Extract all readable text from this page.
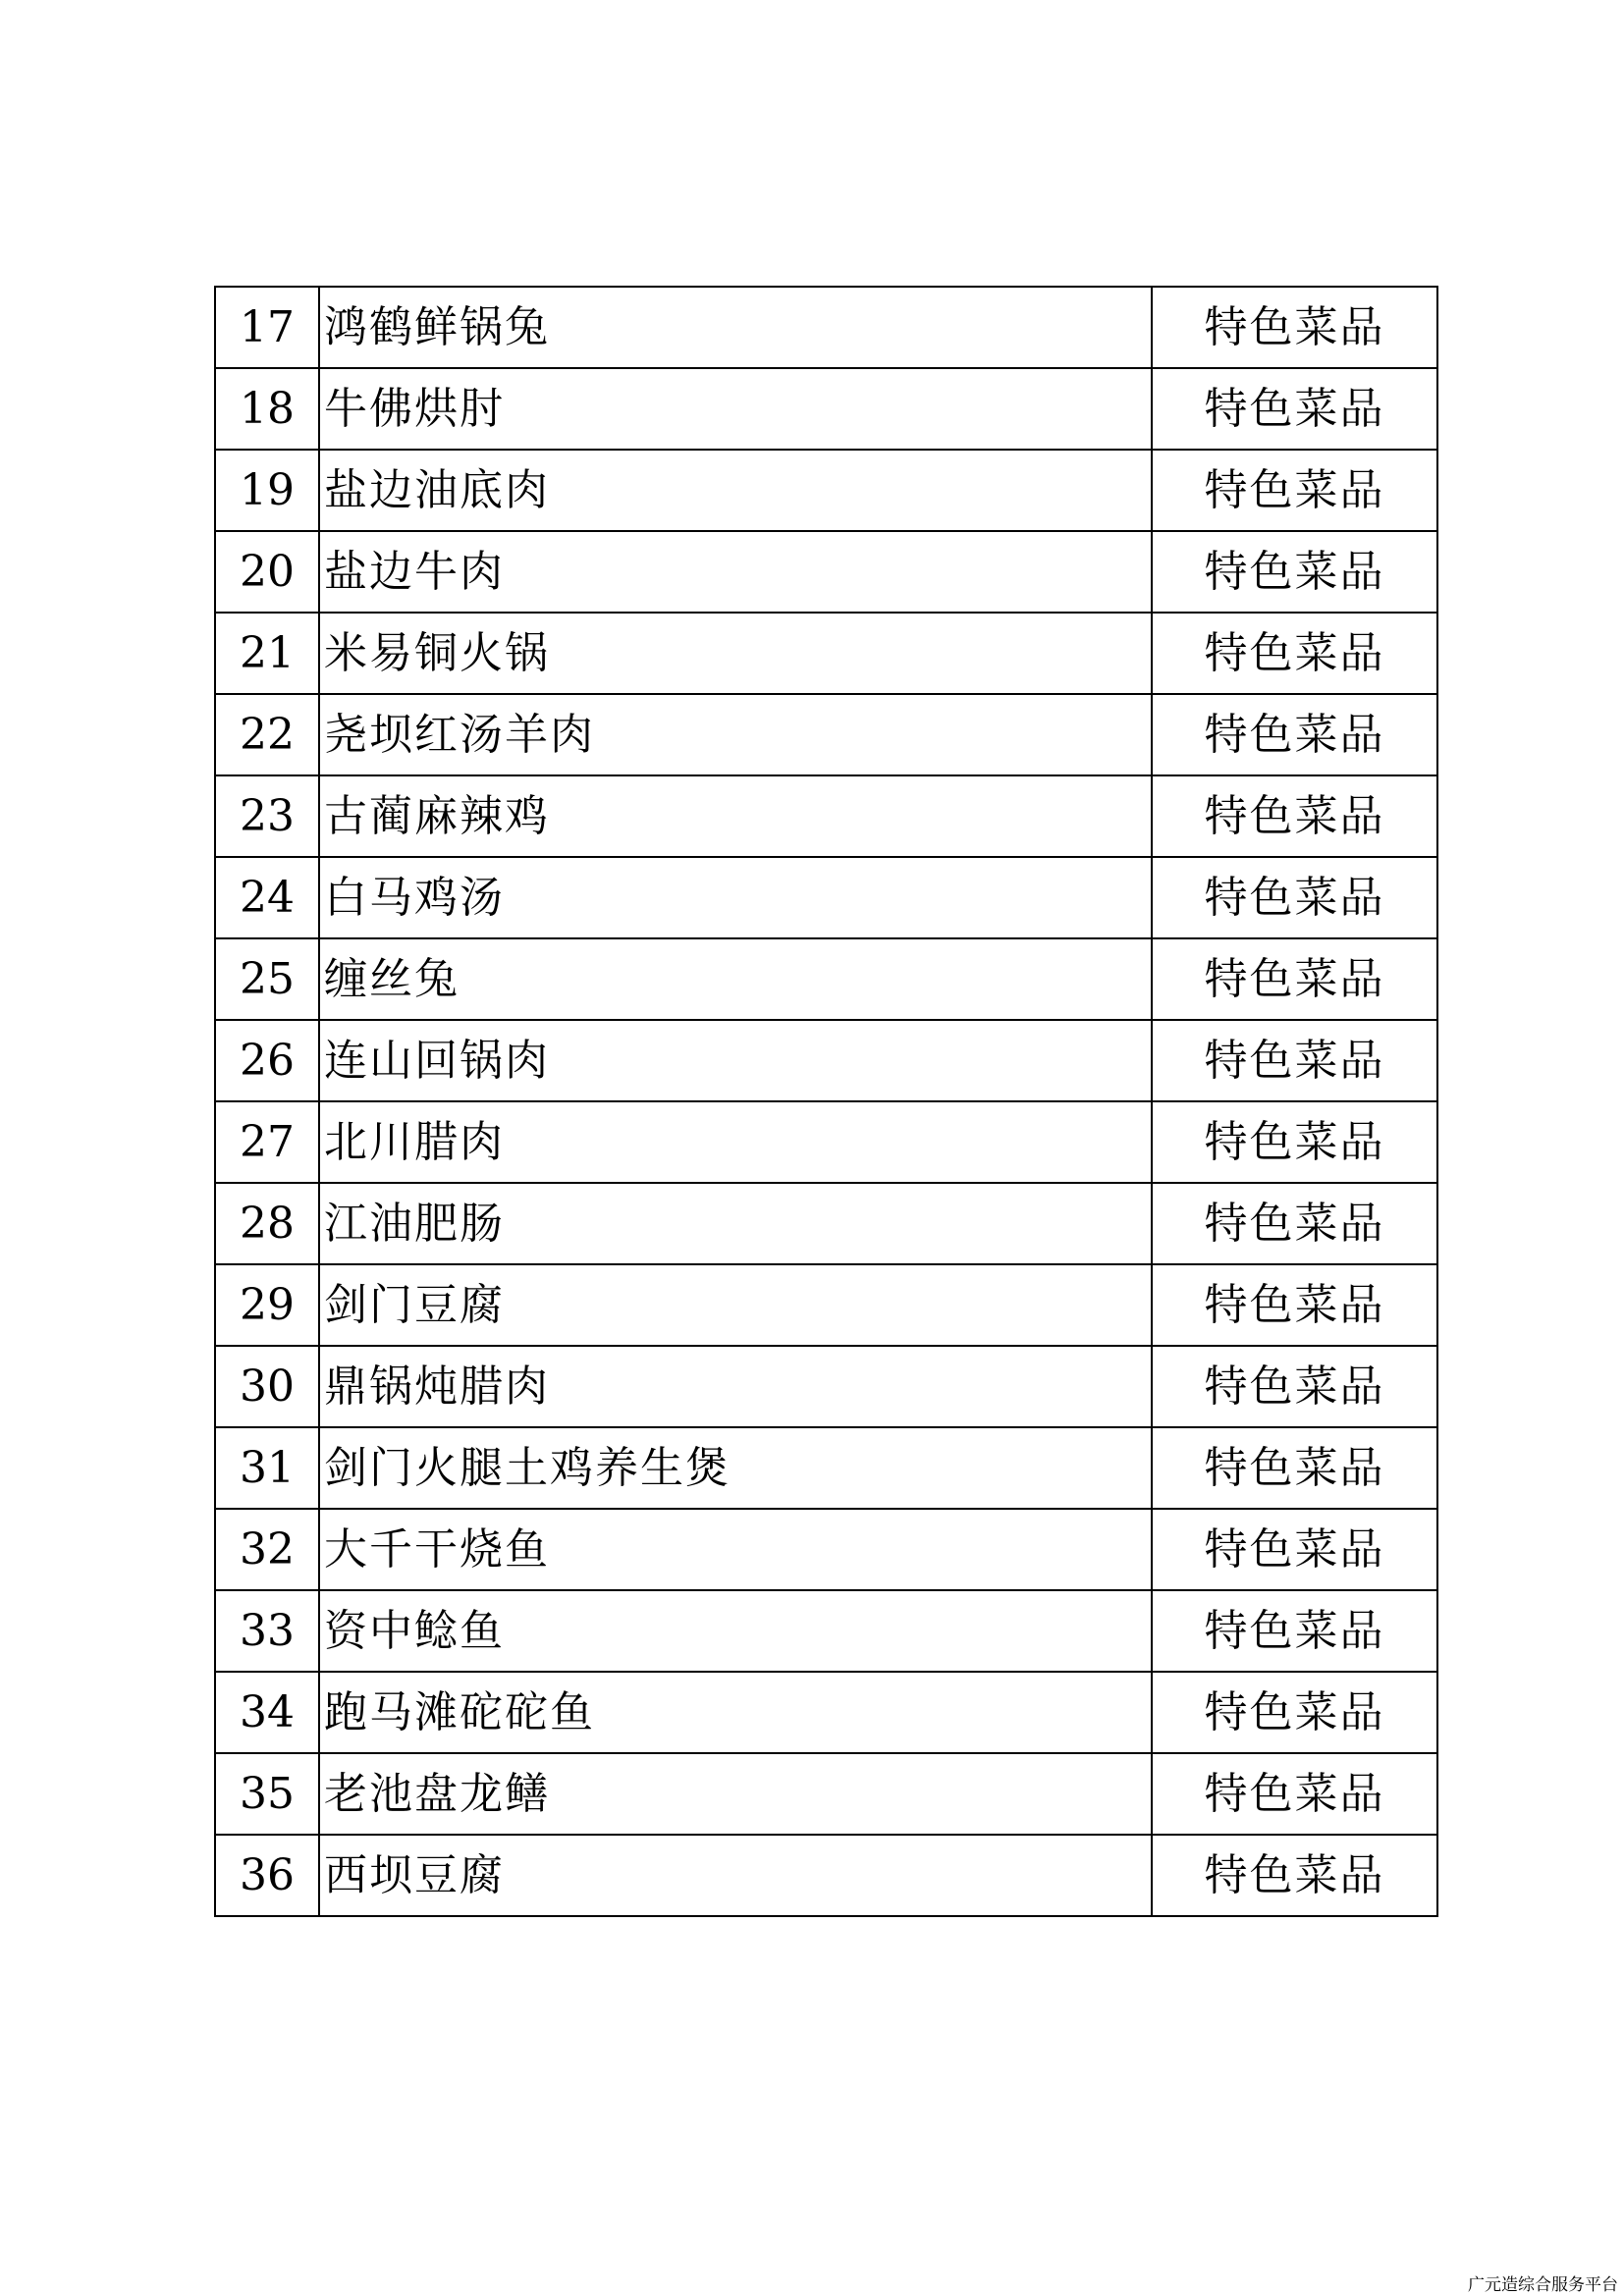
17	鸿鹤鲜锅兔	特色菜品
18	牛佛烘肘	特色菜品
19	盐边油底肉	特色菜品
20	盐边牛肉	特色菜品
21	米易铜火锅	特色菜品
22	尧坝红汤羊肉	特色菜品
23	古蔺麻辣鸡	特色菜品
24	白马鸡汤	特色菜品
25	缠丝兔	特色菜品
26	连山回锅肉	特色菜品
27	北川腊肉	特色菜品
28	江油肥肠	特色菜品
29	剑门豆腐	特色菜品
30	鼎锅炖腊肉	特色菜品
31	剑门火腿土鸡养生煲	特色菜品
32	大千干烧鱼	特色菜品
33	资中鲶鱼	特色菜品
34	跑马滩砣砣鱼	特色菜品
35	老池盘龙鳝	特色菜品
36	西坝豆腐	特色菜品
广元造综合服务平台
